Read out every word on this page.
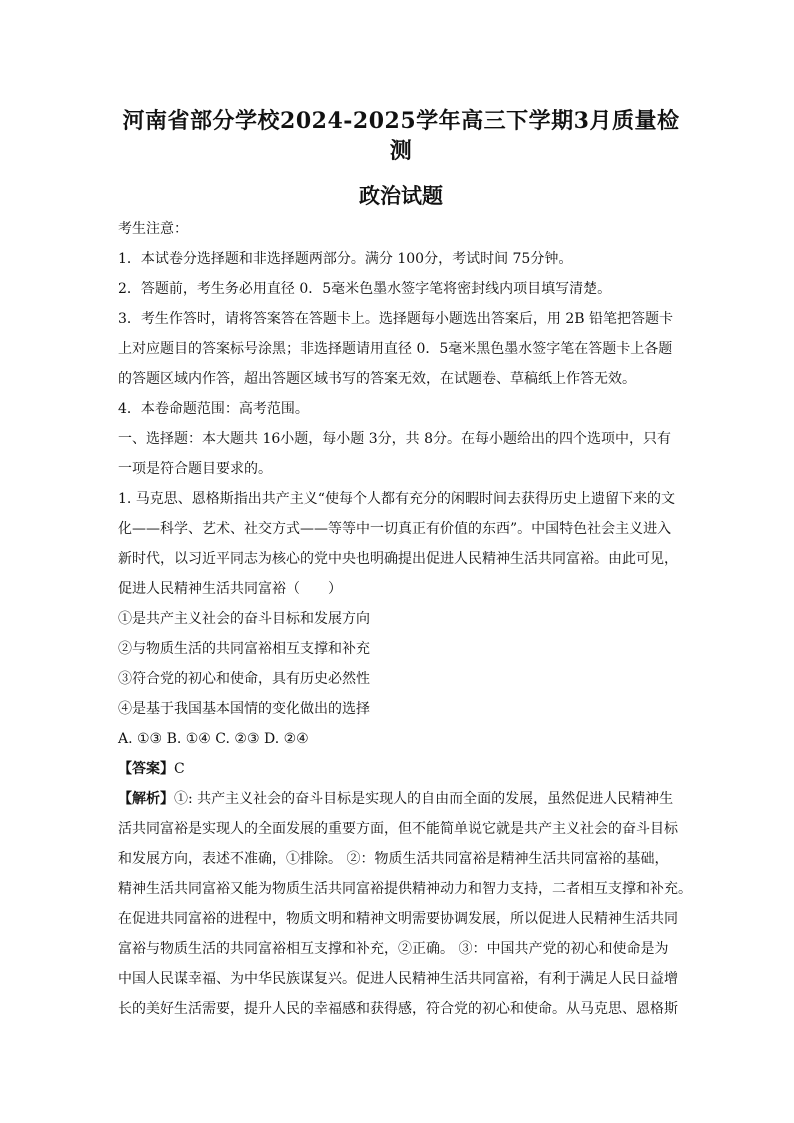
河南省部分学校2024-2025学年高三下学期3月质量检测
政治试题
考生注意：
1．本试卷分选择题和非选择题两部分。满分 100分，考试时间 75分钟。
2．答题前，考生务必用直径 0．5毫米色墨水签字笔将密封线内项目填写清楚。
3．考生作答时，请将答案答在答题卡上。选择题每小题选出答案后，用 2B 铅笔把答题卡
上对应题目的答案标号涂黑；非选择题请用直径 0．5毫米黑色墨水签字笔在答题卡上各题
的答题区域内作答，超出答题区域书写的答案无效，在试题卷、草稿纸上作答无效。
4．本卷命题范围：高考范围。
一、选择题：本大题共 16小题，每小题 3分，共 8分。在每小题给出的四个选项中，只有
一项是符合题目要求的。
1. 马克思、恩格斯指出共产主义“使每个人都有充分的闲暇时间去获得历史上遗留下来的文
化——科学、艺术、社交方式——等等中一切真正有价值的东西”。中国特色社会主义进入
新时代，以习近平同志为核心的党中央也明确提出促进人民精神生活共同富裕。由此可见，
促进人民精神生活共同富裕（　　）
①是共产主义社会的奋斗目标和发展方向
②与物质生活的共同富裕相互支撑和补充
③符合党的初心和使命，具有历史必然性
④是基于我国基本国情的变化做出的选择
A. ①③ B. ①④ C. ②③ D. ②④
【答案】C
【解析】①: 共产主义社会的奋斗目标是实现人的自由而全面的发展，虽然促进人民精神生
活共同富裕是实现人的全面发展的重要方面，但不能简单说它就是共产主义社会的奋斗目标
和发展方向，表述不准确，①排除。 ②：物质生活共同富裕是精神生活共同富裕的基础，
精神生活共同富裕又能为物质生活共同富裕提供精神动力和智力支持，二者相互支撑和补充。
在促进共同富裕的进程中，物质文明和精神文明需要协调发展，所以促进人民精神生活共同
富裕与物质生活的共同富裕相互支撑和补充，②正确。 ③：中国共产党的初心和使命是为
中国人民谋幸福、为中华民族谋复兴。促进人民精神生活共同富裕，有利于满足人民日益增
长的美好生活需要，提升人民的幸福感和获得感，符合党的初心和使命。从马克思、恩格斯
